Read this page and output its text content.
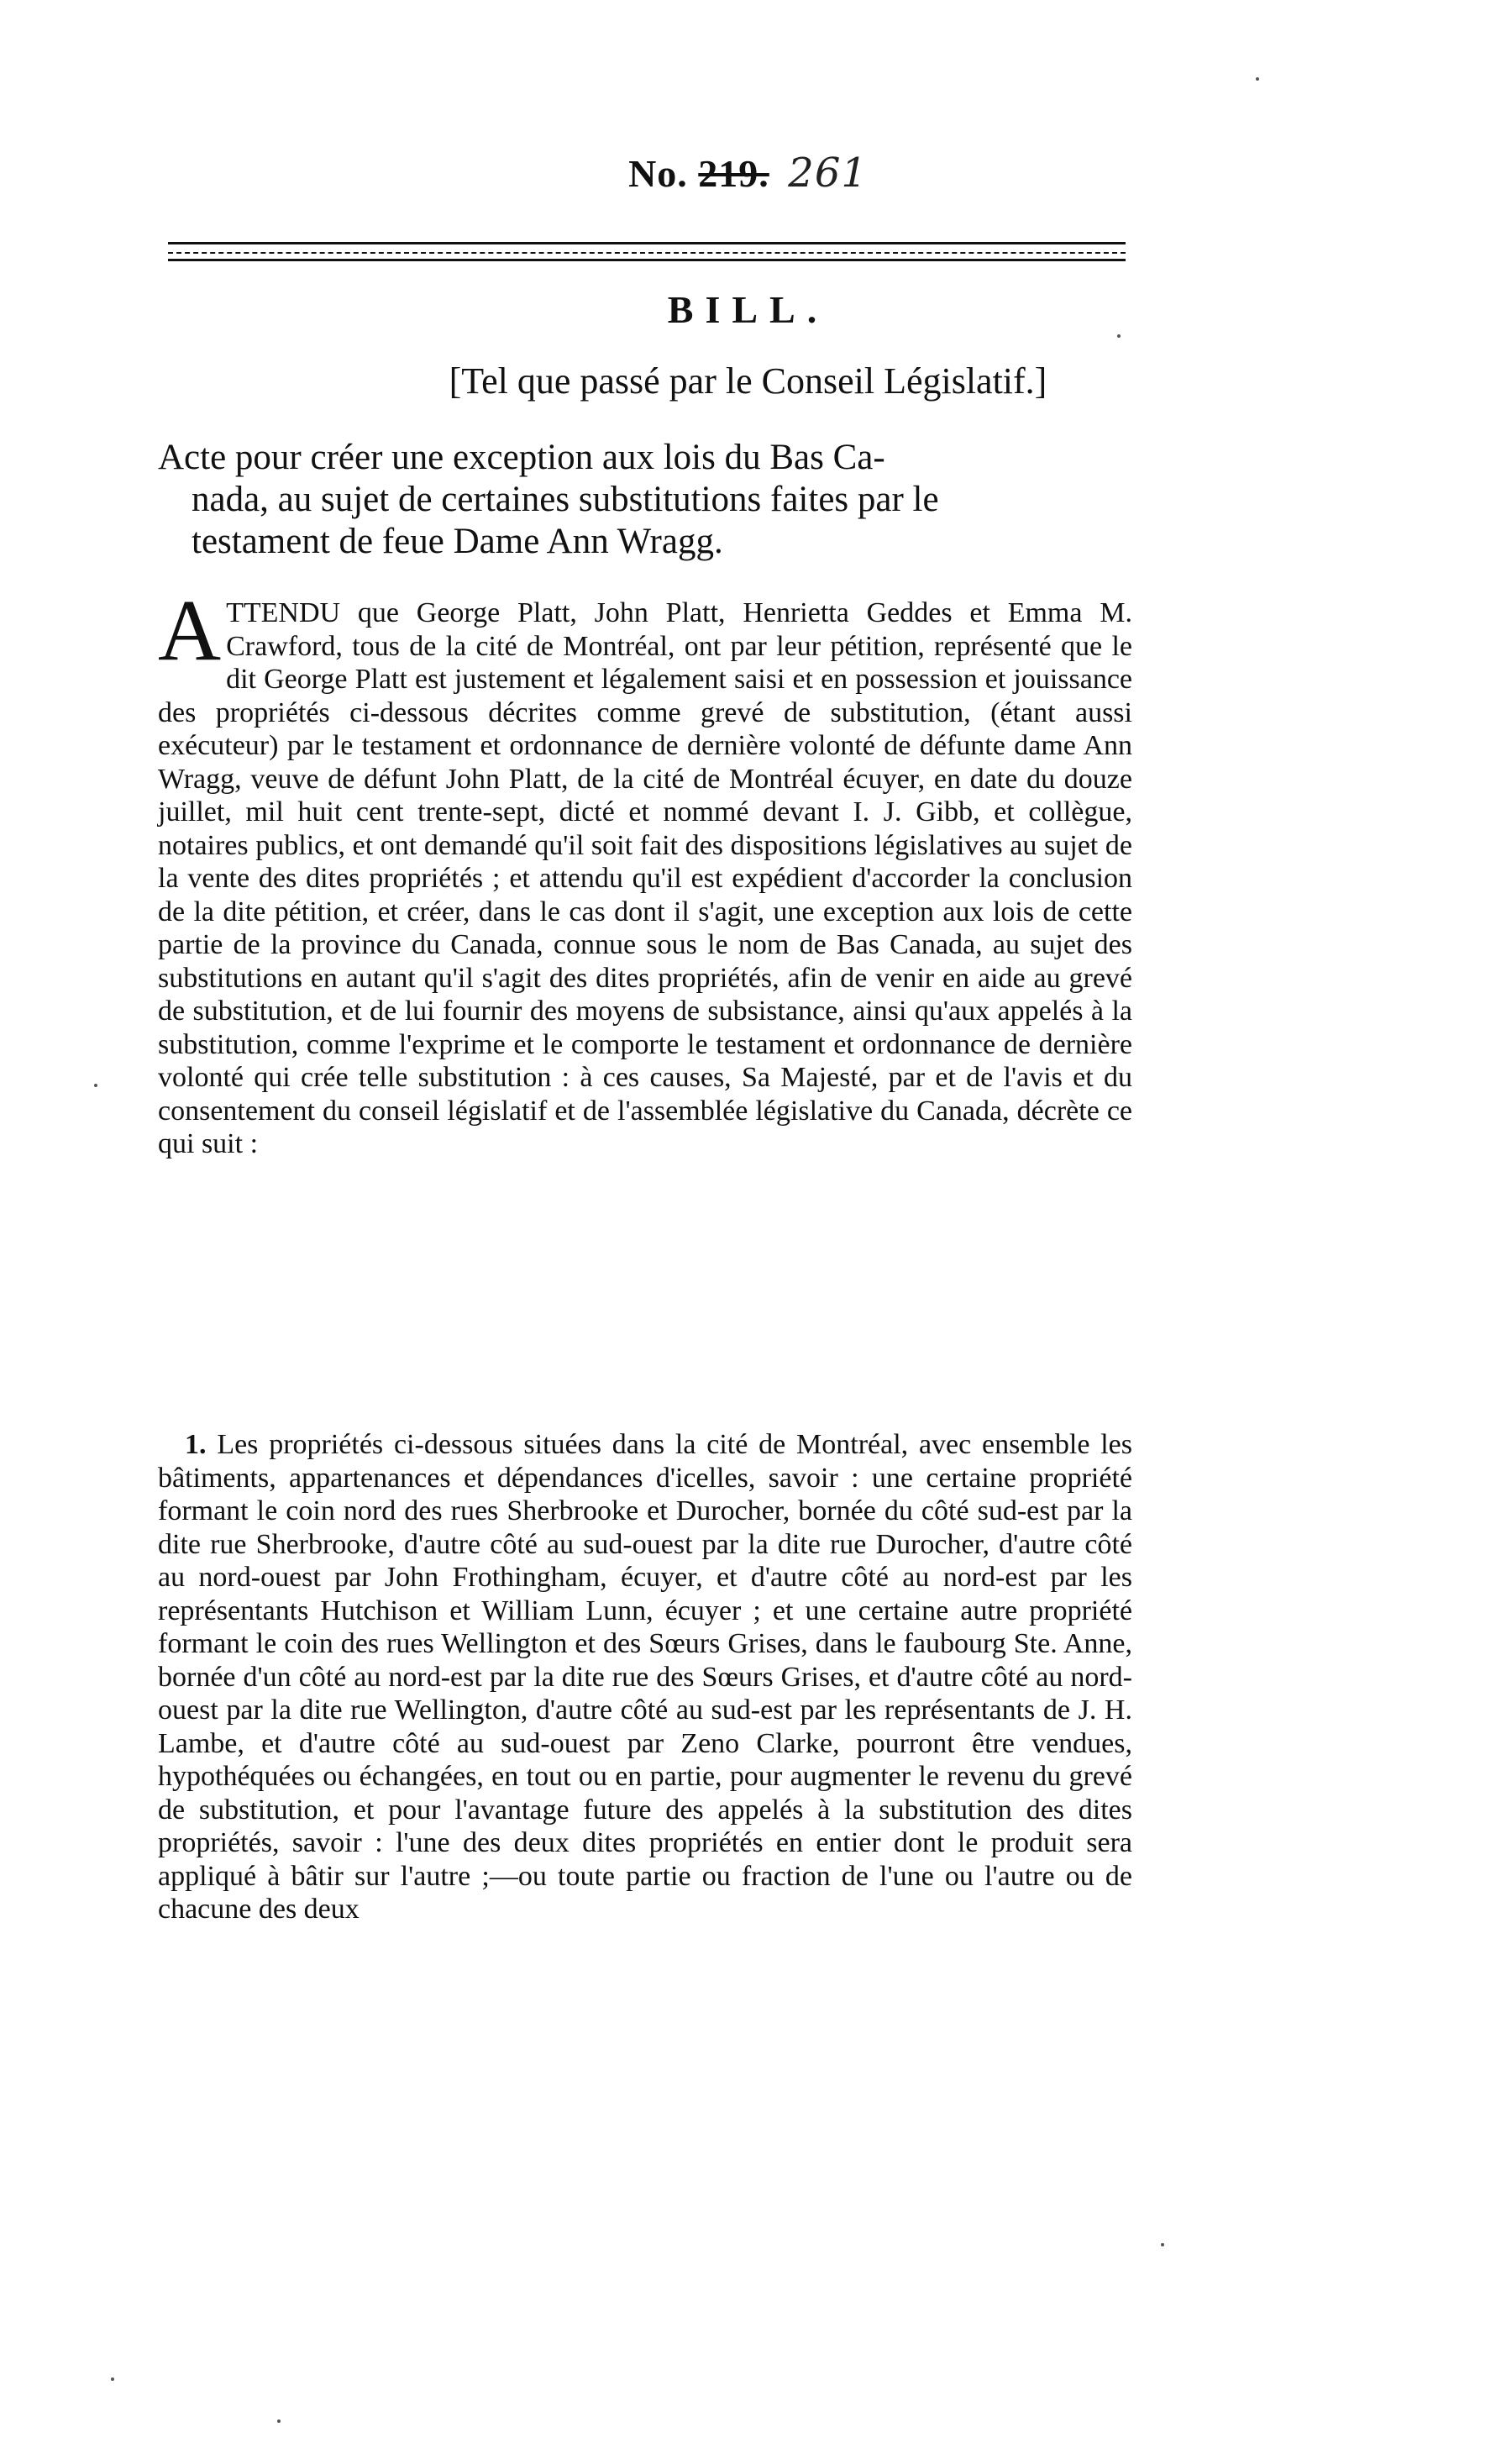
No. 219. 261
BILL.
[Tel que passé par le Conseil Législatif.]
Acte pour créer une exception aux lois du Bas Ca-
nada, au sujet de certaines substitutions faites par le
testament de feue Dame Ann Wragg.
ATTENDU que George Platt, John Platt, Henrietta Geddes et Emma M. Crawford, tous de la cité de Montréal, ont par leur pétition, représenté que le dit George Platt est justement et légalement saisi et en possession et jouissance des propriétés ci-dessous décrites comme grevé de substitution, (étant aussi exécuteur) par le testament et ordonnance de dernière volonté de défunte dame Ann Wragg, veuve de défunt John Platt, de la cité de Montréal écuyer, en date du douze juillet, mil huit cent trente-sept, dicté et nommé devant I. J. Gibb, et collègue, notaires publics, et ont demandé qu'il soit fait des dispositions législatives au sujet de la vente des dites propriétés ; et attendu qu'il est expédient d'accorder la conclusion de la dite pétition, et créer, dans le cas dont il s'agit, une exception aux lois de cette partie de la province du Canada, connue sous le nom de Bas Canada, au sujet des substitutions en autant qu'il s'agit des dites propriétés, afin de venir en aide au grevé de substitution, et de lui fournir des moyens de subsistance, ainsi qu'aux appelés à la substitution, comme l'exprime et le comporte le testament et ordonnance de dernière volonté qui crée telle substitution : à ces causes, Sa Majesté, par et de l'avis et du consentement du conseil législatif et de l'assemblée législative du Canada, décrète ce qui suit :
1. Les propriétés ci-dessous situées dans la cité de Montréal, avec ensemble les bâtiments, appartenances et dépendances d'icelles, savoir : une certaine propriété formant le coin nord des rues Sherbrooke et Durocher, bornée du côté sud-est par la dite rue Sherbrooke, d'autre côté au sud-ouest par la dite rue Durocher, d'autre côté au nord-ouest par John Frothingham, écuyer, et d'autre côté au nord-est par les représentants Hutchison et William Lunn, écuyer ; et une certaine autre propriété formant le coin des rues Wellington et des Sœurs Grises, dans le faubourg Ste. Anne, bornée d'un côté au nord-est par la dite rue des Sœurs Grises, et d'autre côté au nord-ouest par la dite rue Wellington, d'autre côté au sud-est par les représentants de J. H. Lambe, et d'autre côté au sud-ouest par Zeno Clarke, pourront être vendues, hypothéquées ou échangées, en tout ou en partie, pour augmenter le revenu du grevé de substitution, et pour l'avantage future des appelés à la substitution des dites propriétés, savoir : l'une des deux dites propriétés en entier dont le produit sera appliqué à bâtir sur l'autre ;—ou toute partie ou fraction de l'une ou l'autre ou de chacune des deux
